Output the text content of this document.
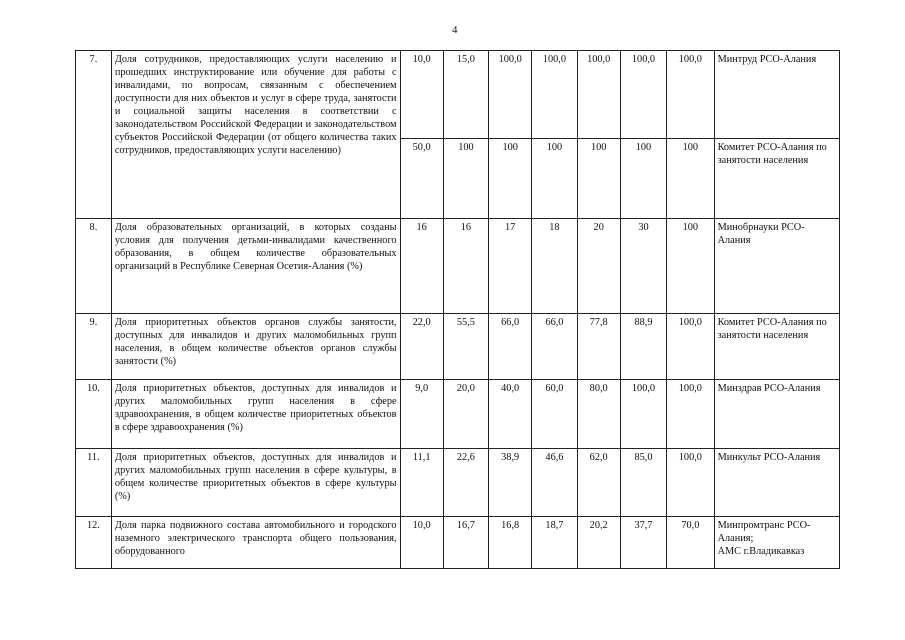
4
7.	Доля сотрудников, предоставляющих услуги населению и прошедших инструктирование или обучение для работы с инвалидами, по вопросам, связанным с обеспечением доступности для них объектов и услуг в сфере труда, занятости и социальной защиты населения в соответствии с законодательством Российской Федерации и законодательством субъектов Российской Федерации (от общего количества таких сотрудников, предоставляющих услуги населению)	10,0	15,0	100,0	100,0	100,0	100,0	100,0	Минтруд РСО-Алания
		50,0	100	100	100	100	100	100	Комитет РСО-Алания по занятости населения
8.	Доля образовательных организаций, в которых созданы условия для получения детьми-инвалидами качественного образования, в общем количестве образовательных организаций в Республике Северная Осетия-Алания (%)	16	16	17	18	20	30	100	Минобрнауки РСО-Алания
9.	Доля приоритетных объектов органов службы занятости, доступных для инвалидов и других маломобильных групп населения, в общем количестве объектов органов службы занятости (%)	22,0	55,5	66,0	66,0	77,8	88,9	100,0	Комитет РСО-Алания по занятости населения
10.	Доля приоритетных объектов, доступных для инвалидов и других маломобильных групп населения в сфере здравоохранения, в общем количестве приоритетных объектов в сфере здравоохранения (%)	9,0	20,0	40,0	60,0	80,0	100,0	100,0	Минздрав РСО-Алания
11.	Доля приоритетных объектов, доступных для инвалидов и других маломобильных групп населения в сфере культуры, в общем количестве приоритетных объектов в сфере культуры (%)	11,1	22,6	38,9	46,6	62,0	85,0	100,0	Минкульт РСО-Алания
12.	Доля парка подвижного состава автомобильного и городского наземного электрического транспорта общего пользования, оборудованного	10,0	16,7	16,8	18,7	20,2	37,7	70,0	Минпромтранс РСО-Алания;
АМС г.Владикавказ
